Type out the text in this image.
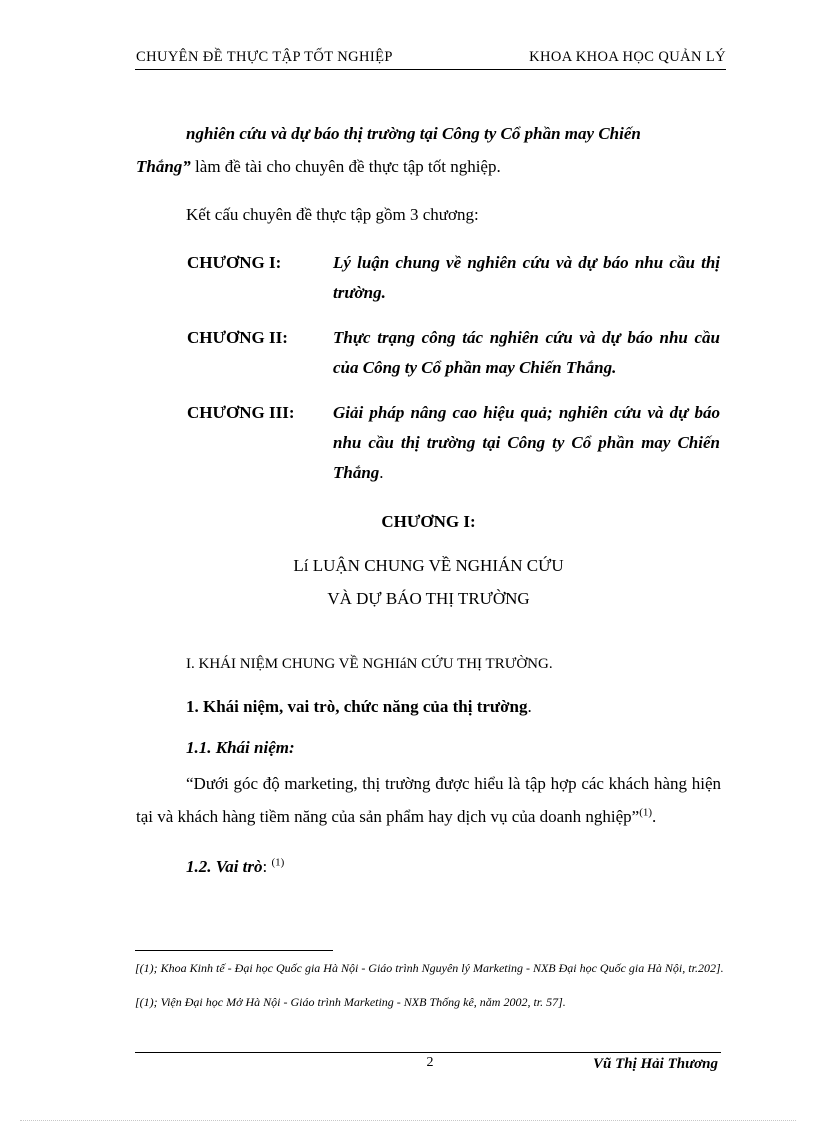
CHUYÊN ĐỀ THỰC TẬP TỐT NGHIỆP	KHOA KHOA HỌC QUẢN LÝ
nghiên cứu và dự báo thị trường tại Công ty Cổ phần may Chiến
Thắng” làm đề tài cho chuyên đề thực tập tốt nghiệp.
Kết cấu chuyên đề thực tập gồm 3 chương:
CHƯƠNG I:	Lý luận chung về nghiên cứu và dự báo nhu cầu thị trường.
CHƯƠNG II:	Thực trạng công tác nghiên cứu và dự báo nhu cầu của Công ty Cổ phần may Chiến Thắng.
CHƯƠNG III: Giải pháp nâng cao hiệu quả; nghiên cứu và dự báo nhu cầu thị trường tại Công ty Cổ phần may Chiến Thắng.
CHƯƠNG I:
Lí LUẬN CHUNG VỀ NGHIÁN CỨU
VÀ DỰ BÁO THỊ TRƯỜNG
I. KHÁI NIỆM CHUNG VỀ NGHIáN CỨU THỊ TRƯỜNG.
1. Khái niệm, vai trò, chức năng của thị trường.
1.1. Khái niệm:
“Dưới góc độ marketing, thị trường được hiểu là tập hợp các khách hàng hiện tại và khách hàng tiềm năng của sản phẩm hay dịch vụ của doanh nghiệp”$^{(1)}$.
1.2. Vai trò: $^{(1)}$
[(1); Khoa Kinh tế - Đại học Quốc gia Hà Nội - Giáo trình Nguyên lý Marketing - NXB Đại học Quốc gia Hà Nội, tr.202].
[(1); Viện Đại học Mở Hà Nội - Giáo trình Marketing - NXB Thống kê, năm 2002, tr. 57].
2	Vũ Thị Hải Thương
